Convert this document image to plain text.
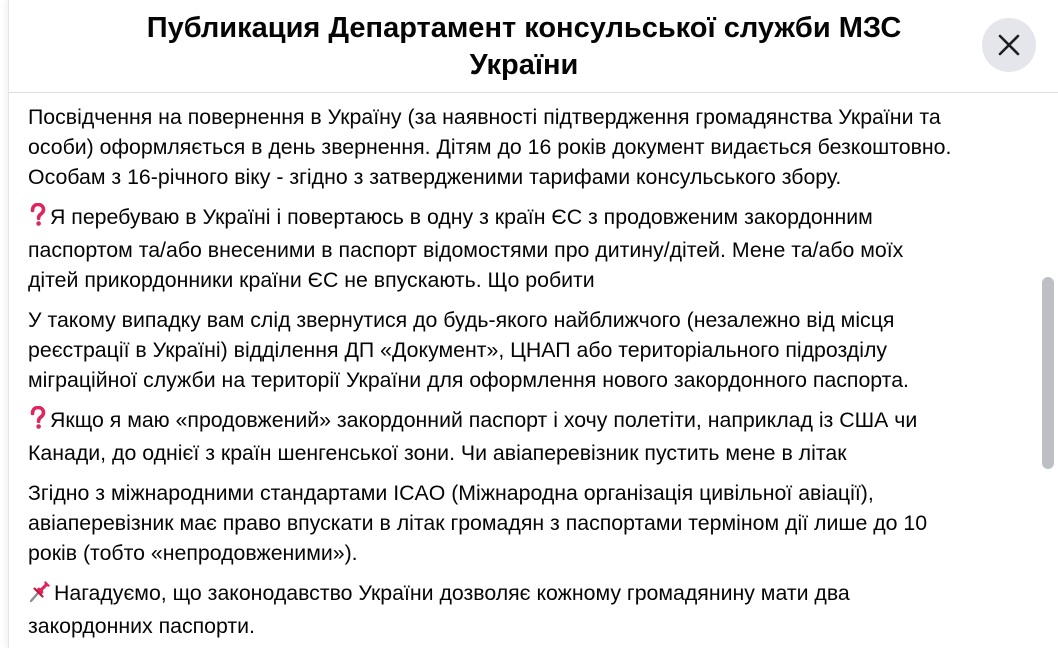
Публикация Департамент консульської служби МЗС
України

Посвідчення на повернення в Україну (за наявності підтвердження громадянства України та
особи) оформляється в день звернення. Дітям до 16 років документ видається безкоштовно.
Особам з 16-річного віку - згідно з затвердженими тарифами консульського збору.

Я перебуваю в Україні і повертаюсь в одну з країн ЄС з продовженим закордонним
паспортом та/або внесеними в паспорт відомостями про дитину/дітей. Мене та/або моїх
дітей прикордонники країни ЄС не впускають. Що робити

У такому випадку вам слід звернутися до будь-якого найближчого (незалежно від місця
реєстрації в Україні) відділення ДП «Документ», ЦНАП або територіального підрозділу
міграційної служби на території України для оформлення нового закордонного паспорта.

Якщо я маю «продовжений» закордонний паспорт і хочу полетіти, наприклад із США чи
Канади, до однієї з країн шенгенської зони. Чи авіаперевізник пустить мене в літак

Згідно з міжнародними стандартами ICAO (Міжнародна організація цивільної авіації),
авіаперевізник має право впускати в літак громадян з паспортами терміном дії лише до 10
років (тобто «непродовженими»).

Нагадуємо, що законодавство України дозволяє кожному громадянину мати два
закордонних паспорти.
